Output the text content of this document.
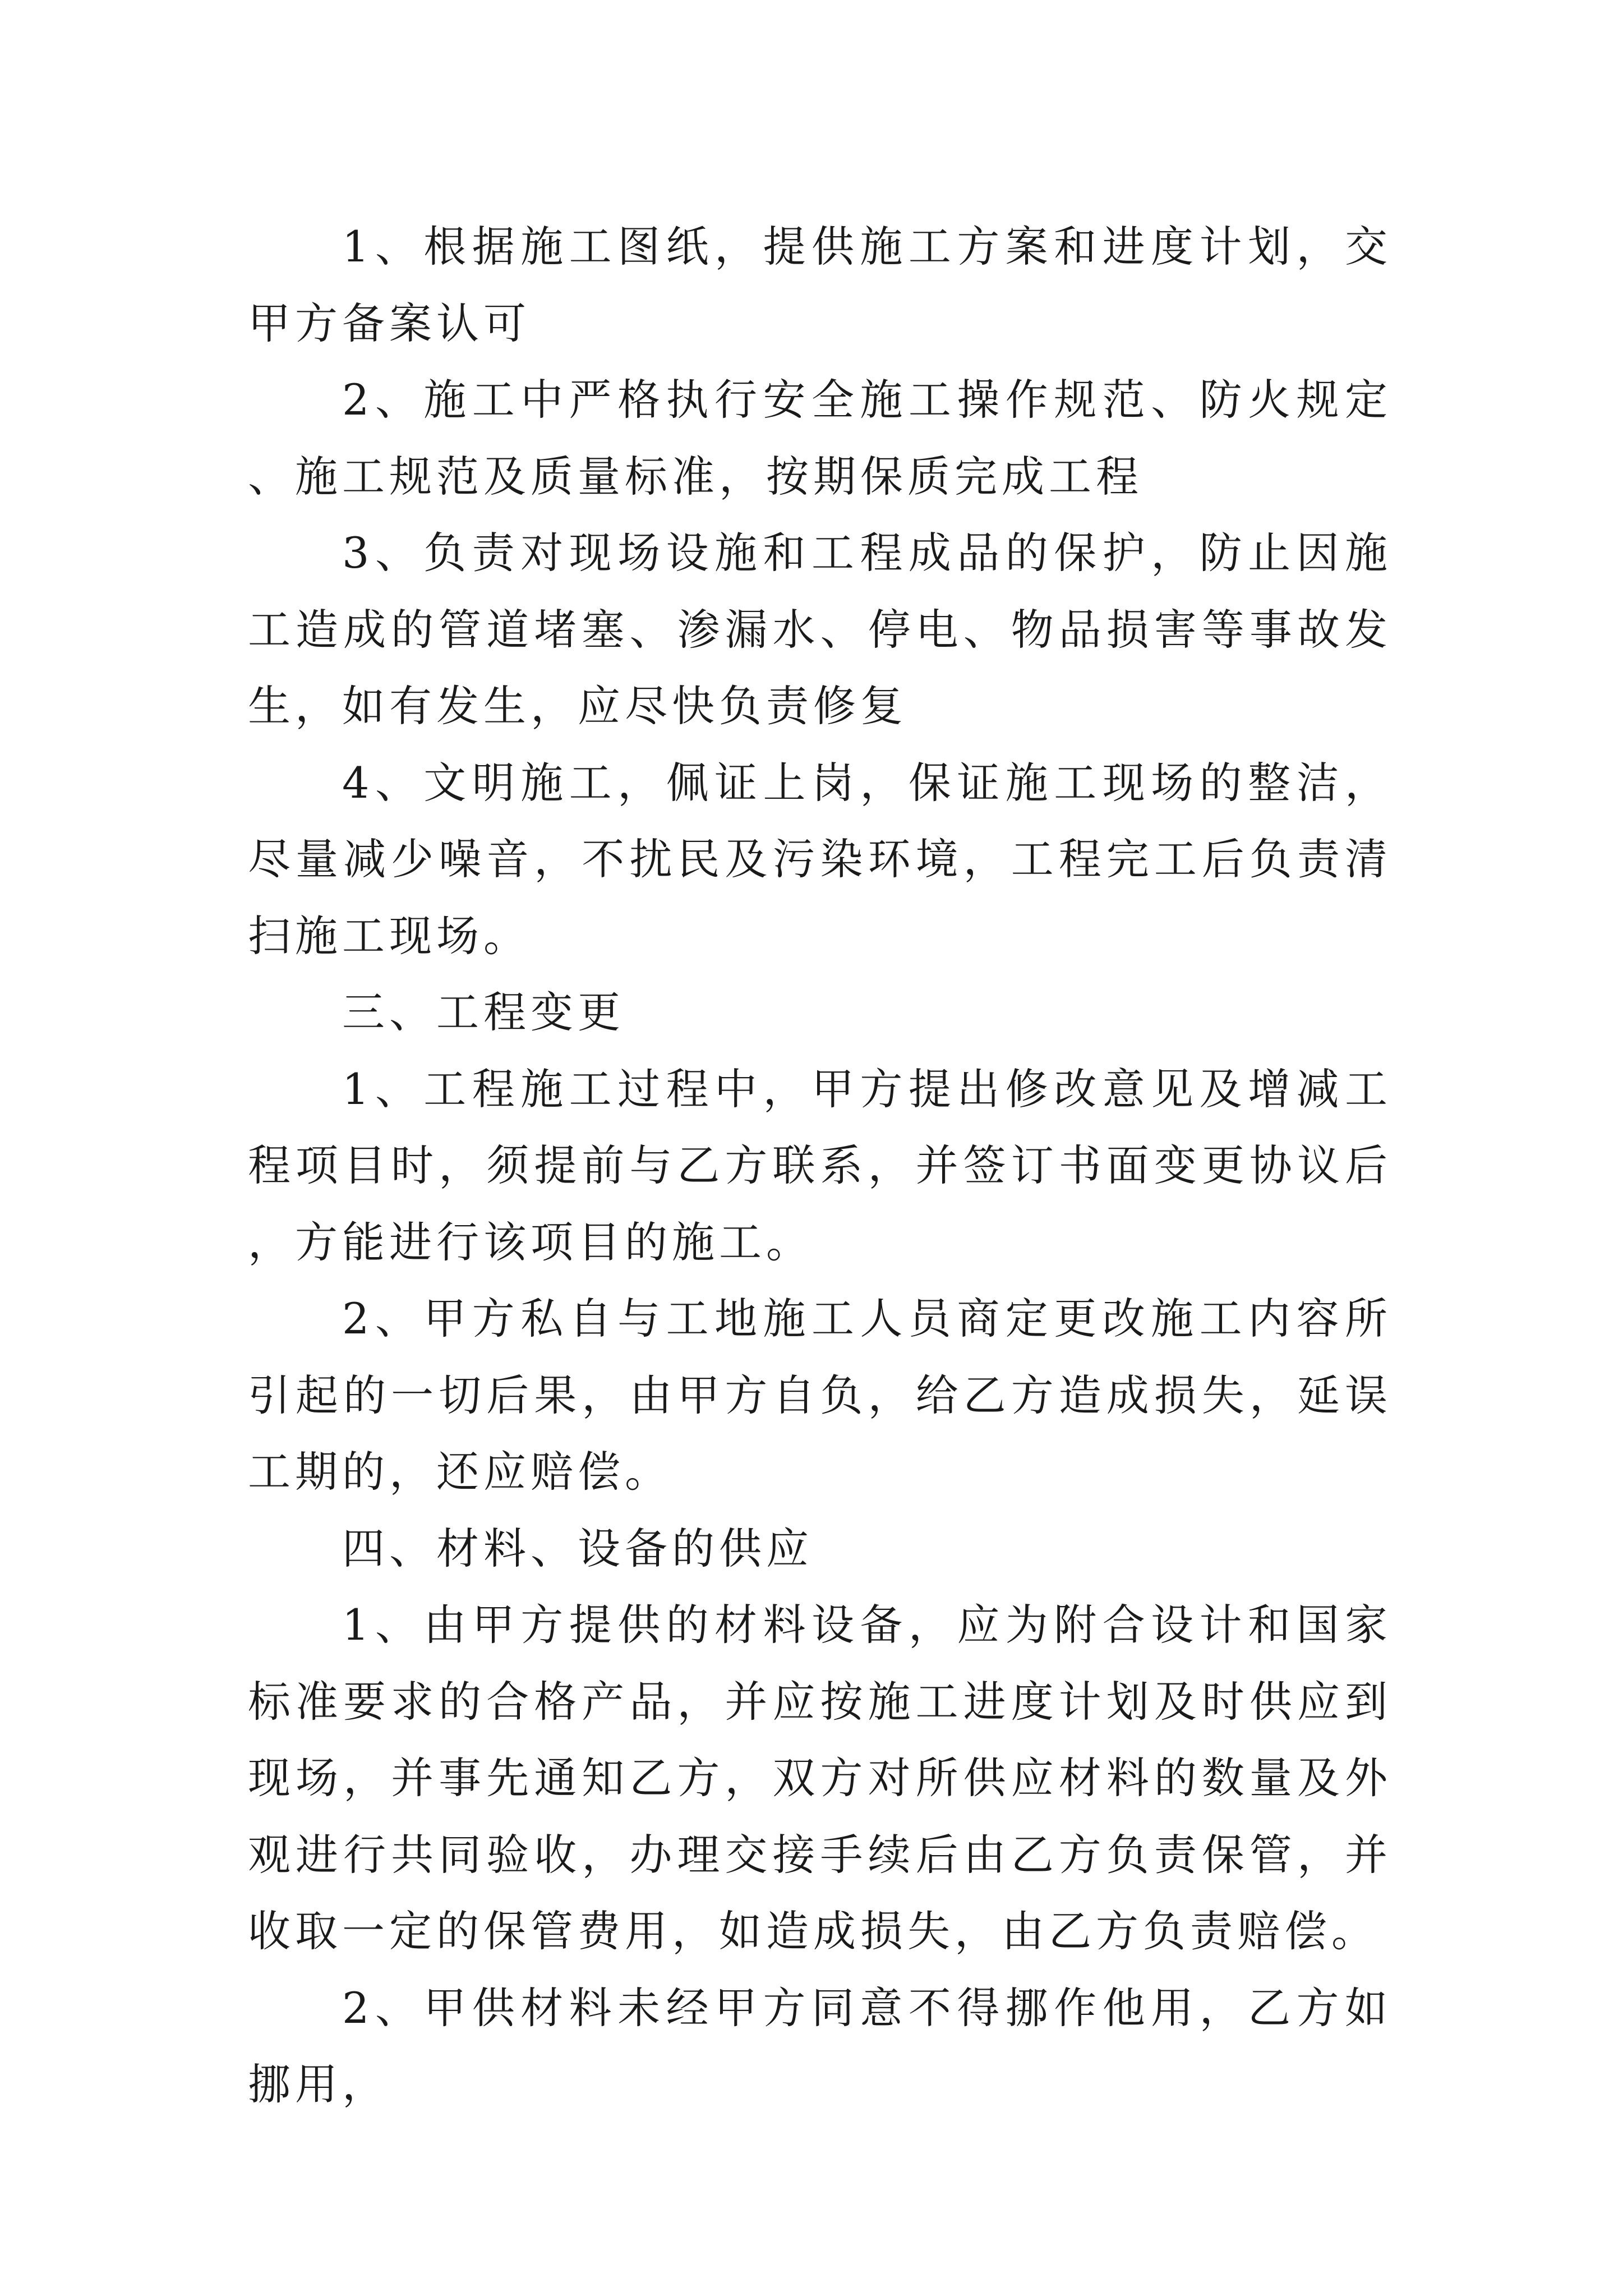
1、根据施工图纸，提供施工方案和进度计划，交甲方备案认可

2、施工中严格执行安全施工操作规范、防火规定、施工规范及质量标准，按期保质完成工程

3、负责对现场设施和工程成品的保护，防止因施工造成的管道堵塞、渗漏水、停电、物品损害等事故发生，如有发生，应尽快负责修复

4、文明施工，佩证上岗，保证施工现场的整洁，尽量减少噪音，不扰民及污染环境，工程完工后负责清扫施工现场。

三、工程变更

1、工程施工过程中，甲方提出修改意见及增减工程项目时，须提前与乙方联系，并签订书面变更协议后，方能进行该项目的施工。

2、甲方私自与工地施工人员商定更改施工内容所引起的一切后果，由甲方自负，给乙方造成损失，延误工期的，还应赔偿。

四、材料、设备的供应

1、由甲方提供的材料设备，应为附合设计和国家标准要求的合格产品，并应按施工进度计划及时供应到现场，并事先通知乙方，双方对所供应材料的数量及外观进行共同验收，办理交接手续后由乙方负责保管，并收取一定的保管费用，如造成损失，由乙方负责赔偿。

2、甲供材料未经甲方同意不得挪作他用，乙方如挪用，
